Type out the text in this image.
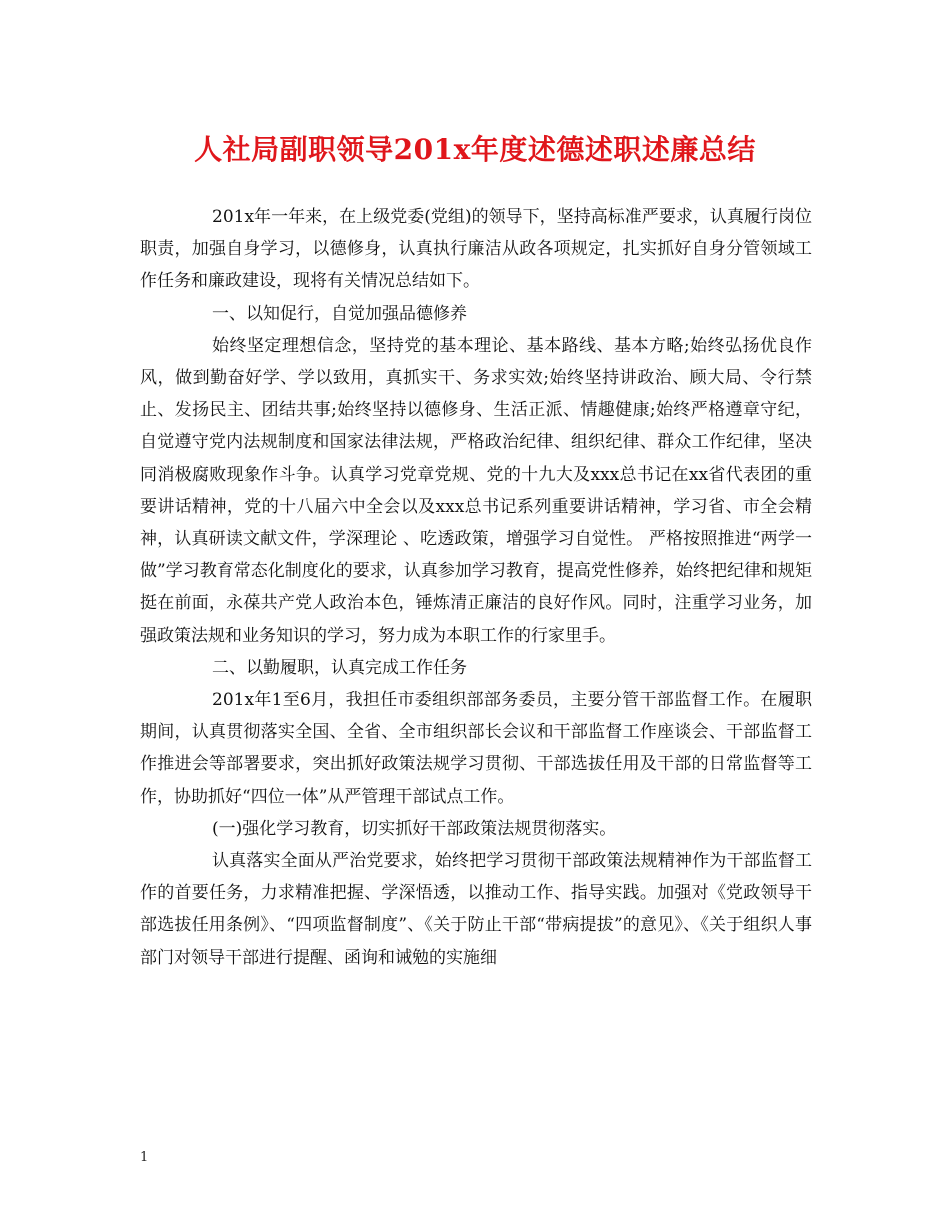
人社局副职领导201x年度述德述职述廉总结

201x年一年来，在上级党委(党组)的领导下，坚持高标准严要求，认真履行岗位职责，加强自身学习，以德修身，认真执行廉洁从政各项规定，扎实抓好自身分管领域工作任务和廉政建设，现将有关情况总结如下。

一、以知促行，自觉加强品德修养

始终坚定理想信念，坚持党的基本理论、基本路线、基本方略;始终弘扬优良作风，做到勤奋好学、学以致用，真抓实干、务求实效;始终坚持讲政治、顾大局、令行禁止、发扬民主、团结共事;始终坚持以德修身、生活正派、情趣健康;始终严格遵章守纪，自觉遵守党内法规制度和国家法律法规，严格政治纪律、组织纪律、群众工作纪律，坚决同消极腐败现象作斗争。认真学习党章党规、党的十九大及xxx总书记在xx省代表团的重要讲话精神，党的十八届六中全会以及xxx总书记系列重要讲话精神，学习省、市全会精神，认真研读文献文件，学深理论 、吃透政策，增强学习自觉性。 严格按照推进“两学一做”学习教育常态化制度化的要求，认真参加学习教育，提高党性修养，始终把纪律和规矩挺在前面，永葆共产党人政治本色，锤炼清正廉洁的良好作风。同时，注重学习业务，加强政策法规和业务知识的学习，努力成为本职工作的行家里手。

二、以勤履职，认真完成工作任务

201x年1至6月，我担任市委组织部部务委员，主要分管干部监督工作。在履职期间，认真贯彻落实全国、全省、全市组织部长会议和干部监督工作座谈会、干部监督工作推进会等部署要求，突出抓好政策法规学习贯彻、干部选拔任用及干部的日常监督等工作，协助抓好“四位一体”从严管理干部试点工作。

(一)强化学习教育，切实抓好干部政策法规贯彻落实。

认真落实全面从严治党要求，始终把学习贯彻干部政策法规精神作为干部监督工作的首要任务，力求精准把握、学深悟透，以推动工作、指导实践。加强对《党政领导干部选拔任用条例》、“四项监督制度”、《关于防止干部“带病提拔”的意见》、《关于组织人事部门对领导干部进行提醒、函询和诫勉的实施细

1
